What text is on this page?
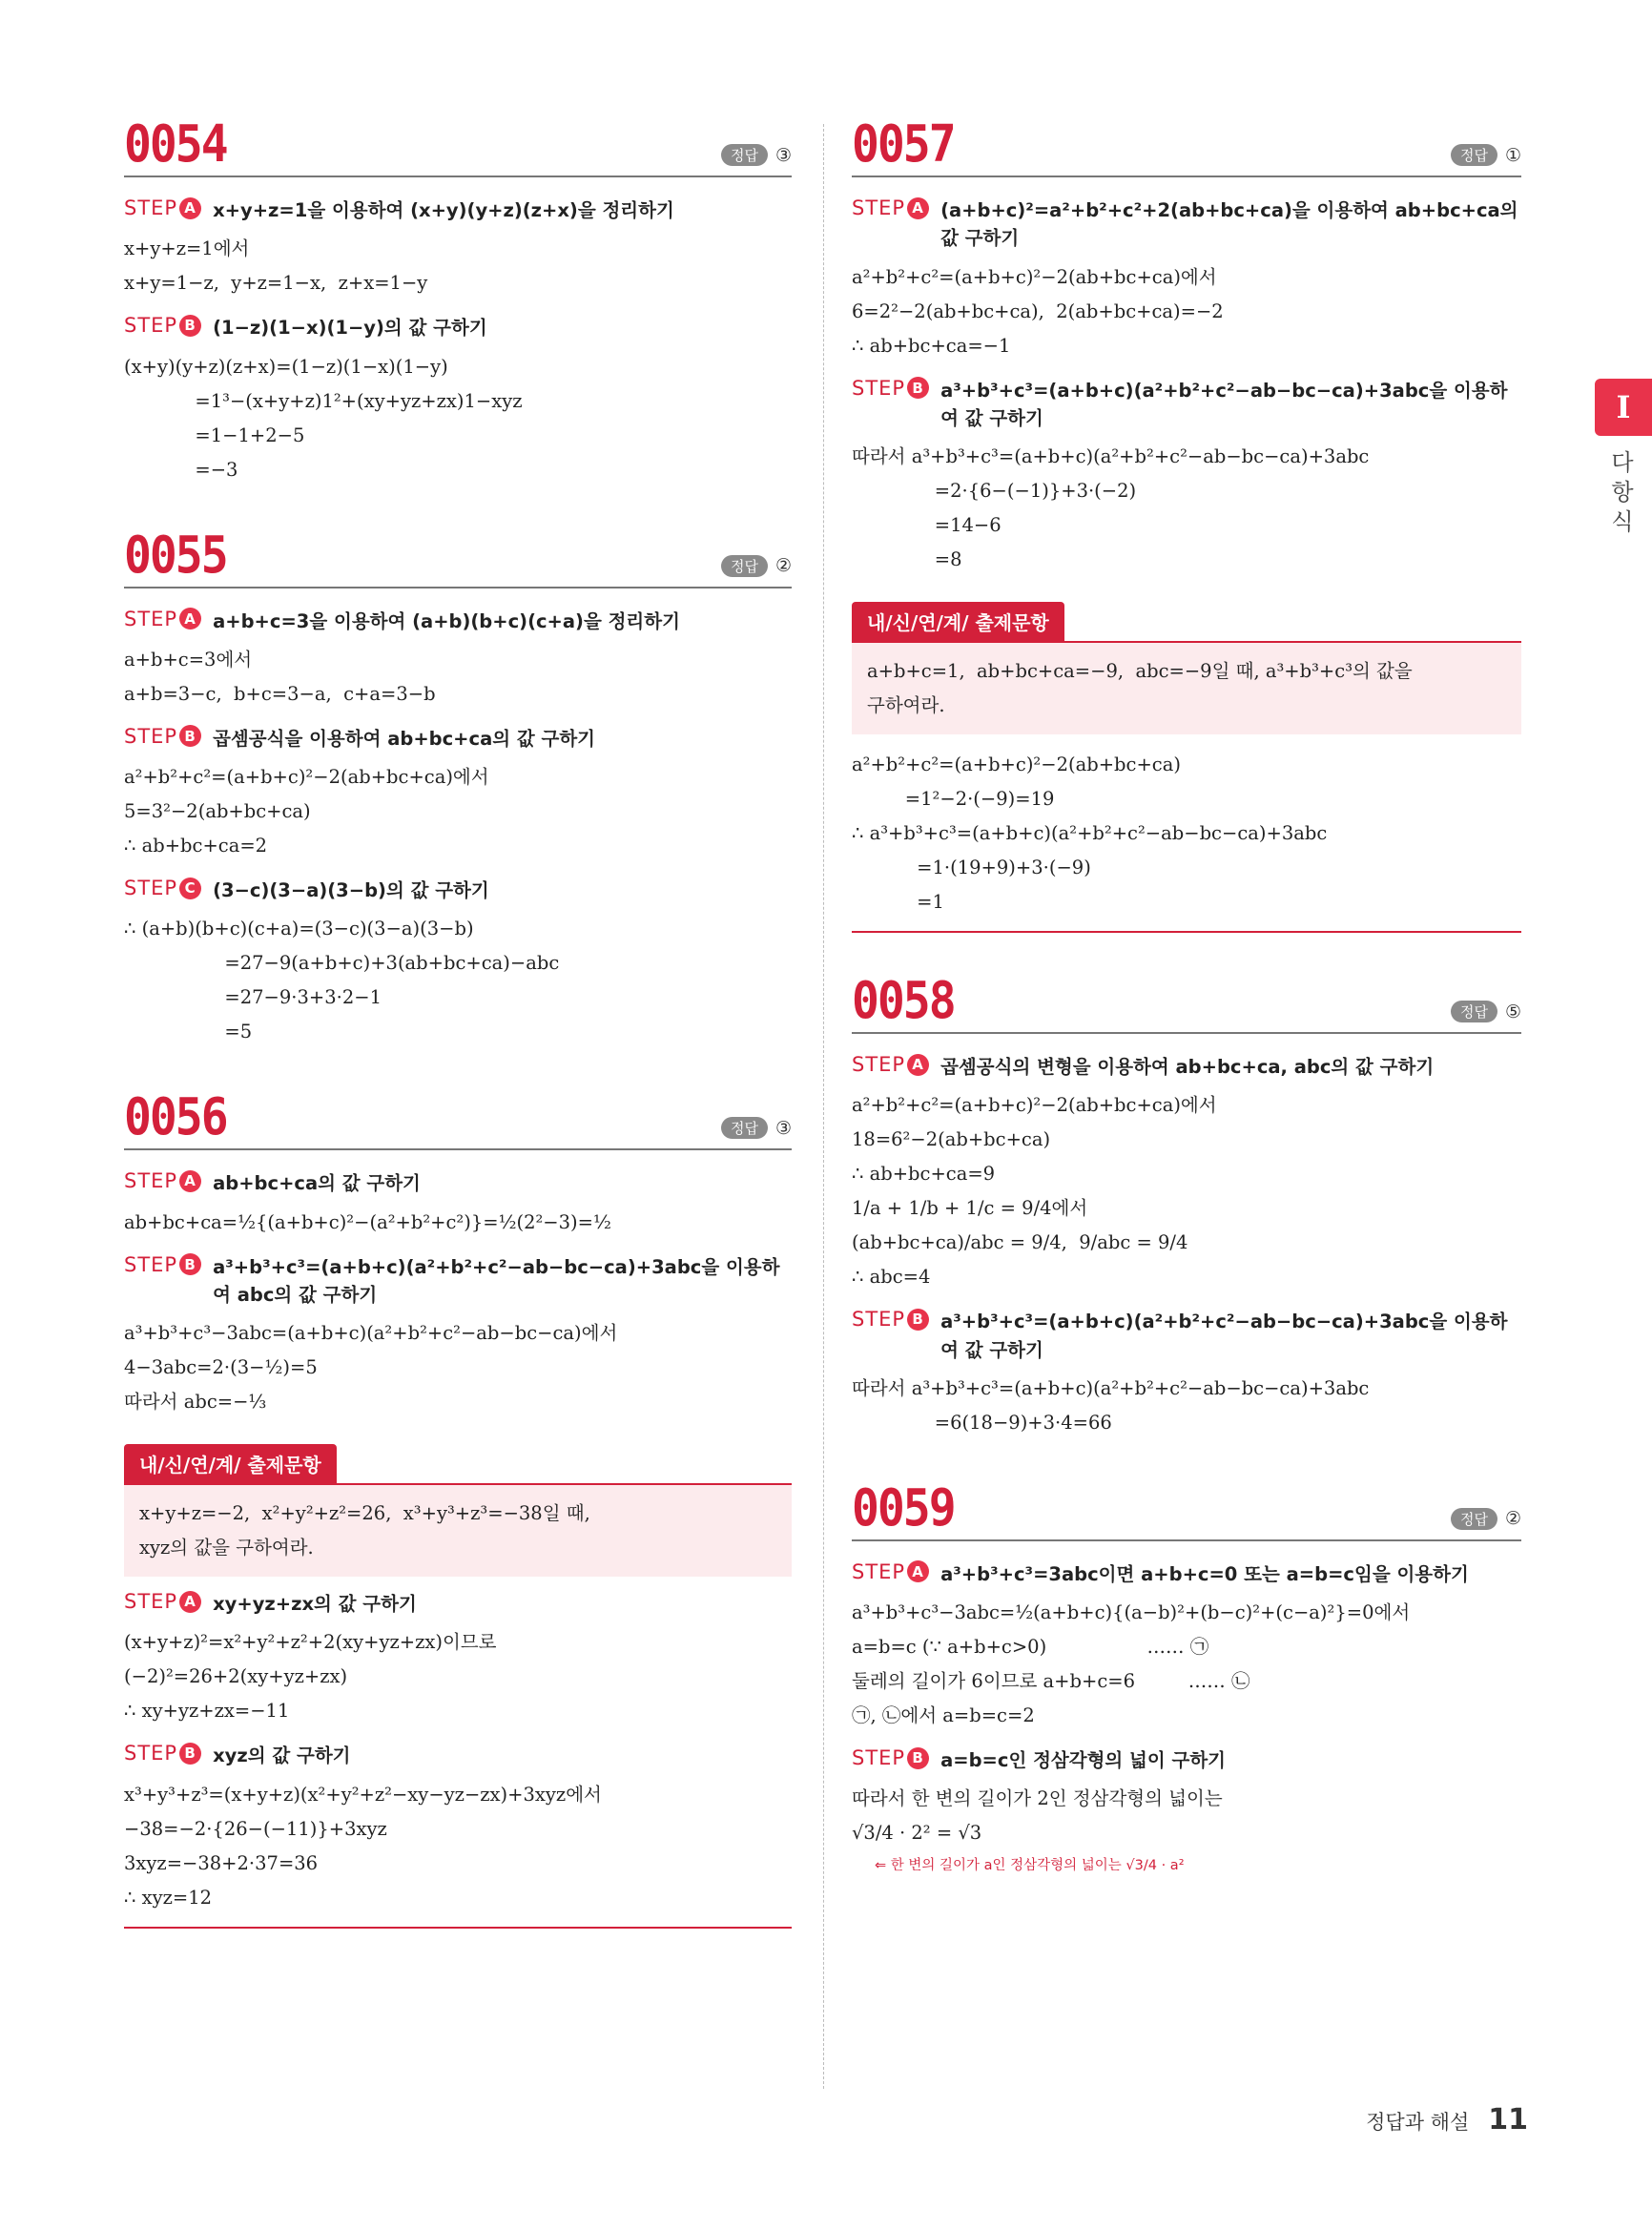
0054	정답 ③
STEP A x+y+z=1을 이용하여 (x+y)(y+z)(z+x)을 정리하기
x+y+z=1에서
x+y=1−z,  y+z=1−x,  z+x=1−y
STEP B (1−z)(1−x)(1−y)의 값 구하기
(x+y)(y+z)(z+x)=(1−z)(1−x)(1−y)
=1³−(x+y+z)1²+(xy+yz+zx)1−xyz
=1−1+2−5
=−3
0055	정답 ②
STEP A a+b+c=3을 이용하여 (a+b)(b+c)(c+a)을 정리하기
a+b+c=3에서
a+b=3−c,  b+c=3−a,  c+a=3−b
STEP B 곱셈공식을 이용하여 ab+bc+ca의 값 구하기
a²+b²+c²=(a+b+c)²−2(ab+bc+ca)에서
5=3²−2(ab+bc+ca)
∴ ab+bc+ca=2
STEP C (3−c)(3−a)(3−b)의 값 구하기
∴ (a+b)(b+c)(c+a)=(3−c)(3−a)(3−b)
=27−9(a+b+c)+3(ab+bc+ca)−abc
=27−9·3+3·2−1
=5
0056	정답 ③
STEP A ab+bc+ca의 값 구하기
ab+bc+ca=½{(a+b+c)²−(a²+b²+c²)}=½(2²−3)=½
STEP B a³+b³+c³=(a+b+c)(a²+b²+c²−ab−bc−ca)+3abc을 이용하여 abc의 값 구하기
a³+b³+c³−3abc=(a+b+c)(a²+b²+c²−ab−bc−ca)에서
4−3abc=2·(3−½)=5
따라서 abc=−⅓
내/신/연/계/ 출제문항
x+y+z=−2,  x²+y²+z²=26,  x³+y³+z³=−38일 때,
xyz의 값을 구하여라.
STEP A xy+yz+zx의 값 구하기
(x+y+z)²=x²+y²+z²+2(xy+yz+zx)이므로
(−2)²=26+2(xy+yz+zx)
∴ xy+yz+zx=−11
STEP B xyz의 값 구하기
x³+y³+z³=(x+y+z)(x²+y²+z²−xy−yz−zx)+3xyz에서
−38=−2·{26−(−11)}+3xyz
3xyz=−38+2·37=36
∴ xyz=12
0057	정답 ①
STEP A (a+b+c)²=a²+b²+c²+2(ab+bc+ca)을 이용하여 ab+bc+ca의 값 구하기
a²+b²+c²=(a+b+c)²−2(ab+bc+ca)에서
6=2²−2(ab+bc+ca),  2(ab+bc+ca)=−2
∴ ab+bc+ca=−1
STEP B a³+b³+c³=(a+b+c)(a²+b²+c²−ab−bc−ca)+3abc을 이용하여 값 구하기
따라서 a³+b³+c³=(a+b+c)(a²+b²+c²−ab−bc−ca)+3abc
=2·{6−(−1)}+3·(−2)
=14−6
=8
내/신/연/계/ 출제문항
a+b+c=1,  ab+bc+ca=−9,  abc=−9일 때, a³+b³+c³의 값을
구하여라.
a²+b²+c²=(a+b+c)²−2(ab+bc+ca)
=1²−2·(−9)=19
∴ a³+b³+c³=(a+b+c)(a²+b²+c²−ab−bc−ca)+3abc
=1·(19+9)+3·(−9)
=1
0058	정답 ⑤
STEP A 곱셈공식의 변형을 이용하여 ab+bc+ca, abc의 값 구하기
a²+b²+c²=(a+b+c)²−2(ab+bc+ca)에서
18=6²−2(ab+bc+ca)
∴ ab+bc+ca=9
1/a + 1/b + 1/c = 9/4에서
(ab+bc+ca)/abc = 9/4,  9/abc = 9/4
∴ abc=4
STEP B a³+b³+c³=(a+b+c)(a²+b²+c²−ab−bc−ca)+3abc을 이용하여 값 구하기
따라서 a³+b³+c³=(a+b+c)(a²+b²+c²−ab−bc−ca)+3abc
=6(18−9)+3·4=66
0059	정답 ②
STEP A a³+b³+c³=3abc이면 a+b+c=0 또는 a=b=c임을 이용하기
a³+b³+c³−3abc=½(a+b+c){(a−b)²+(b−c)²+(c−a)²}=0에서
a=b=c (∵ a+b+c>0)                 …… ㉠
둘레의 길이가 6이므로 a+b+c=6         …… ㉡
㉠, ㉡에서 a=b=c=2
STEP B a=b=c인 정삼각형의 넓이 구하기
따라서 한 변의 길이가 2인 정삼각형의 넓이는
√3/4 · 2² = √3
⇐ 한 변의 길이가 a인 정삼각형의 넓이는 √3/4 · a²
I
다항식
정답과 해설 11
